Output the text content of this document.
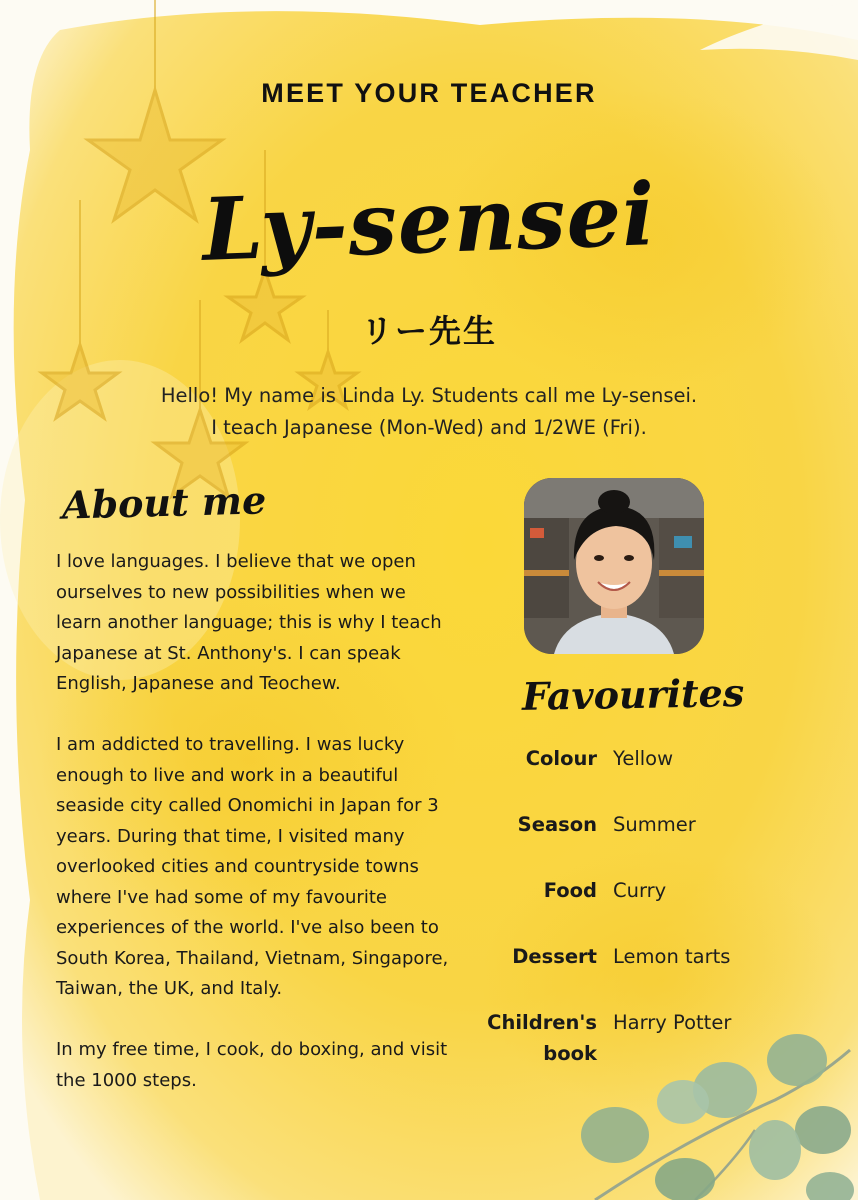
MEET YOUR TEACHER
Ly-sensei
リー先生
Hello! My name is Linda Ly. Students call me Ly-sensei.
I teach Japanese (Mon-Wed) and 1/2WE (Fri).
About me

I love languages. I believe that we open ourselves to new possibilities when we learn another language; this is why I teach Japanese at St. Anthony's. I can speak English, Japanese and Teochew.

I am addicted to travelling. I was lucky enough to live and work in a beautiful seaside city called Onomichi in Japan for 3 years. During that time, I visited many overlooked cities and countryside towns where I've had some of my favourite experiences of the world. I've also been to South Korea, Thailand, Vietnam, Singapore, Taiwan, the UK, and Italy.

In my free time, I cook, do boxing, and visit the 1000 steps.

Favourites
Colour	Yellow
Season	Summer
Food	Curry
Dessert	Lemon tarts
Children's book	Harry Potter
